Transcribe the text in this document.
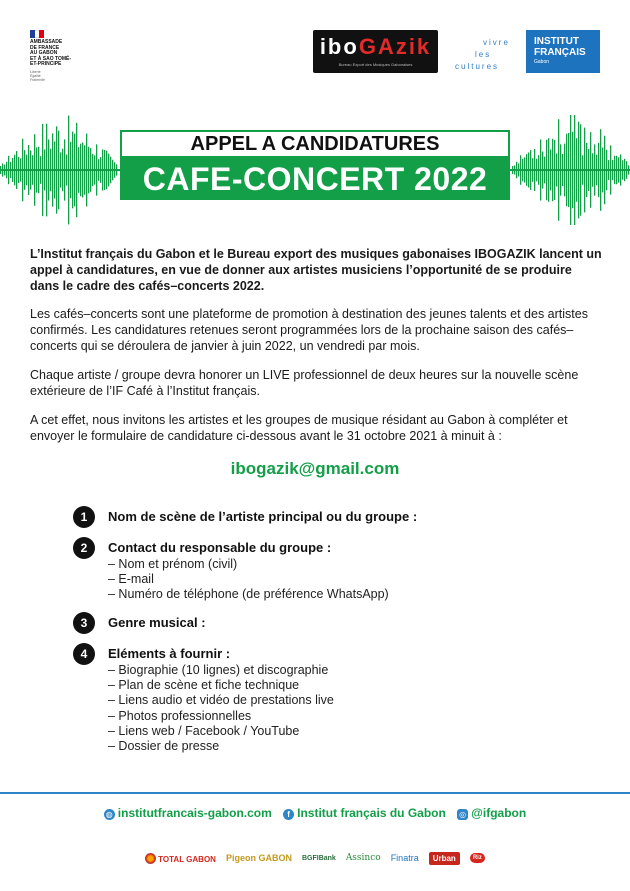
AMBASSADE
DE FRANCE
AU GABON
ET À SAO TOMÉ-
ET-PRINCIPE
Liberté
Égalité
Fraternité
iboGAzik
Bureau Export des Musiques Gabonaises
vivre
les
cultures
INSTITUT
FRANÇAIS
Gabon
APPEL A CANDIDATURES
CAFE-CONCERT 2022
L’Institut français du Gabon et le Bureau export des musiques gabonaises IBOGAZIK lancent un appel à candidatures, en vue de donner aux artistes musiciens l’opportunité de se produire dans le cadre des cafés–concerts 2022.
Les cafés–concerts sont une plateforme de promotion à destination des jeunes talents et des artistes confirmés. Les candidatures retenues seront programmées lors de la prochaine saison des cafés–concerts qui se déroulera de janvier à juin 2022, un vendredi par mois.
Chaque artiste / groupe devra honorer un LIVE professionnel de deux heures sur la nouvelle scène extérieure de l’IF Café à l’Institut français.
A cet effet, nous invitons les artistes et les groupes de musique résidant au Gabon à compléter et envoyer le formulaire de candidature ci-dessous avant le 31 octobre 2021 à minuit à :
ibogazik@gmail.com
1	Nom de scène de l’artiste principal ou du groupe :
2	Contact du responsable du groupe :
– Nom et prénom (civil)
– E-mail
– Numéro de téléphone (de préférence WhatsApp)
3	Genre musical :
4	Eléments à fournir :
– Biographie (10 lignes) et discographie
– Plan de scène et fiche technique
– Liens audio et vidéo de prestations live
– Photos professionnelles
– Liens web / Facebook / YouTube
– Dossier de presse
◍ institutfrancais-gabon.com f Institut français du Gabon ◎ @ifgabon
TOTAL GABON Pigeon GABON BGFIBank Assinco Finatra	Urban	Riz
